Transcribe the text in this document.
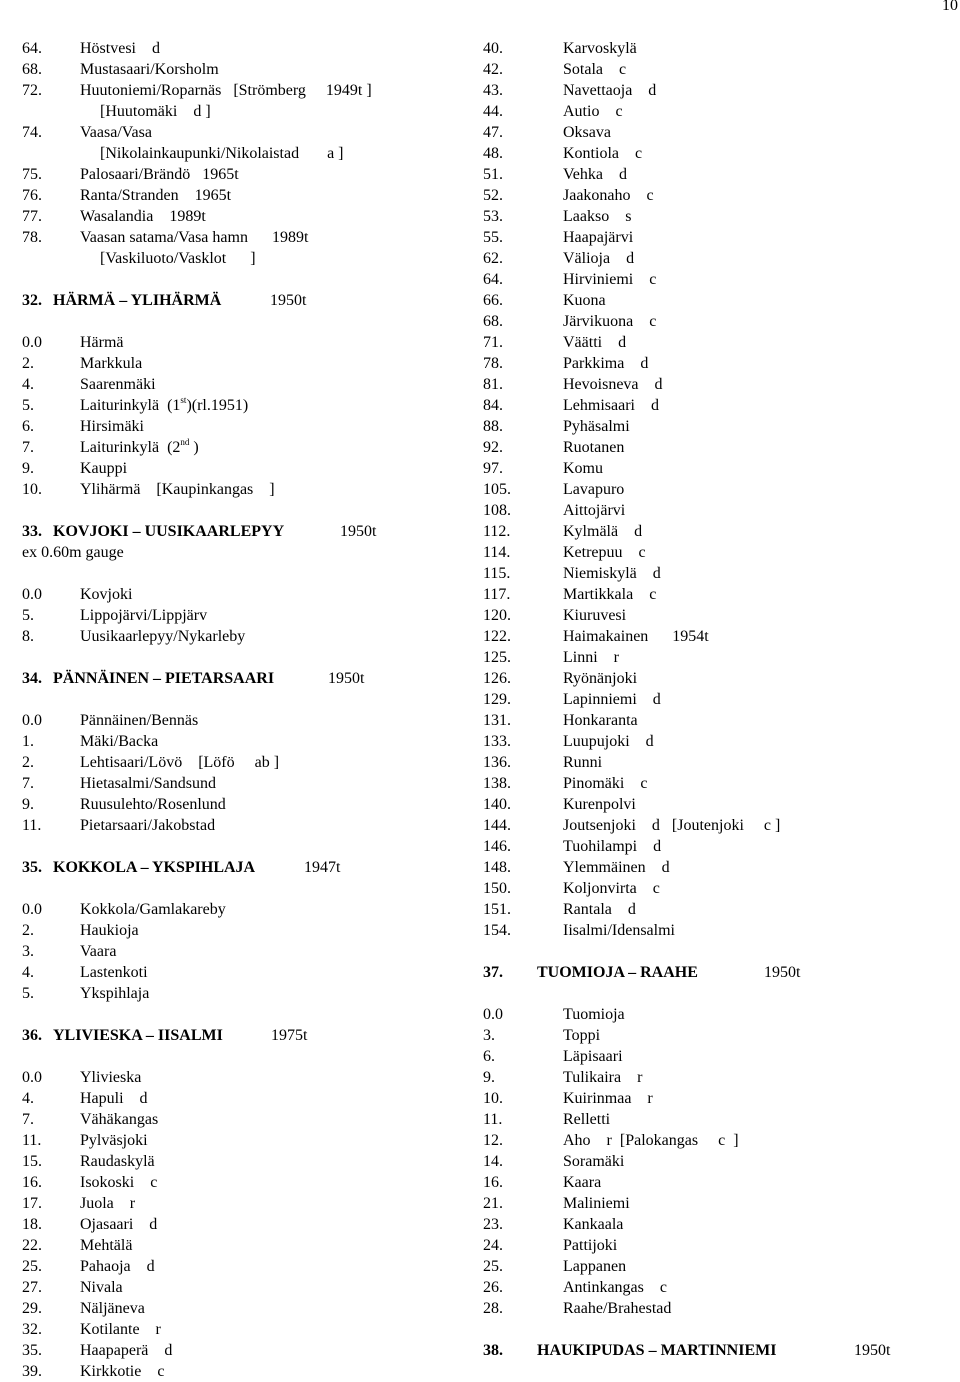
10
64.	Höstvesi    d
68.	Mustasaari/Korsholm
72.	Huutoniemi/Roparnäs   [Strömberg     1949t ]
[Huutomäki    d ]
74.	Vaasa/Vasa
[Nikolainkaupunki/Nikolaistad       a ]
75.	Palosaari/Brändö   1965t
76.	Ranta/Stranden    1965t
77.	Wasalandia    1989t
78.	Vaasan satama/Vasa hamn      1989t
[Vaskiluoto/Vasklot      ]
32. HÄRMÄ – YLIHÄRMÄ	1950t
0.0	Härmä
2.	Markkula
4.	Saarenmäki
5.	Laiturinkylä  (1st)(rl.1951)
6.	Hirsimäki
7.	Laiturinkylä  (2nd )
9.	Kauppi
10.	Ylihärmä    [Kaupinkangas    ]
33. KOVJOKI – UUSIKAARLEPYY	1950t
ex 0.60m gauge
0.0	Kovjoki
5.	Lippojärvi/Lippjärv
8.	Uusikaarlepyy/Nykarleby
34. PÄNNÄINEN – PIETARSAARI	1950t
0.0	Pännäinen/Bennäs
1.	Mäki/Backa
2.	Lehtisaari/Lövö    [Löfö     ab ]
7.	Hietasalmi/Sandsund
9.	Ruusulehto/Rosenlund
11.	Pietarsaari/Jakobstad
35. KOKKOLA – YKSPIHLAJA	1947t
0.0	Kokkola/Gamlakareby
2.	Haukioja
3.	Vaara
4.	Lastenkoti
5.	Ykspihlaja
36. YLIVIESKA – IISALMI	1975t
0.0	Ylivieska
4.	Hapuli    d
7.	Vähäkangas
11.	Pylväsjoki
15.	Raudaskylä
16.	Isokoski    c
17.	Juola    r
18.	Ojasaari    d
22.	Mehtälä
25.	Pahaoja    d
27.	Nivala
29.	Näljäneva
32.	Kotilante    r
35.	Haapaperä    d
39.	Kirkkotie    c
40.	Karvoskylä
42.	Sotala    c
43.	Navettaoja    d
44.	Autio    c
47.	Oksava
48.	Kontiola    c
51.	Vehka    d
52.	Jaakonaho    c
53.	Laakso    s
55.	Haapajärvi
62.	Välioja    d
64.	Hirviniemi    c
66.	Kuona
68.	Järvikuona    c
71.	Väätti    d
78.	Parkkima    d
81.	Hevoisneva    d
84.	Lehmisaari    d
88.	Pyhäsalmi
92.	Ruotanen
97.	Komu
105.	Lavapuro
108.	Aittojärvi
112.	Kylmälä    d
114.	Ketrepuu    c
115.	Niemiskylä    d
117.	Martikkala    c
120.	Kiuruvesi
122.	Haimakainen      1954t
125.	Linni    r
126.	Ryönänjoki
129.	Lapinniemi    d
131.	Honkaranta
133.	Luupujoki    d
136.	Runni
138.	Pinomäki    c
140.	Kurenpolvi
144.	Joutsenjoki    d   [Joutenjoki     c ]
146.	Tuohilampi    d
148.	Ylemmäinen    d
150.	Koljonvirta    c
151.	Rantala    d
154.	Iisalmi/Idensalmi
37. TUOMIOJA – RAAHE	1950t
0.0	Tuomioja
3.	Toppi
6.	Läpisaari
9.	Tulikaira    r
10.	Kuirinmaa    r
11.	Relletti
12.	Aho    r  [Palokangas     c  ]
14.	Soramäki
16.	Kaara
21.	Maliniemi
23.	Kankaala
24.	Pattijoki
25.	Lappanen
26.	Antinkangas    c
28.	Raahe/Brahestad
38. HAUKIPUDAS – MARTINNIEMI	1950t
